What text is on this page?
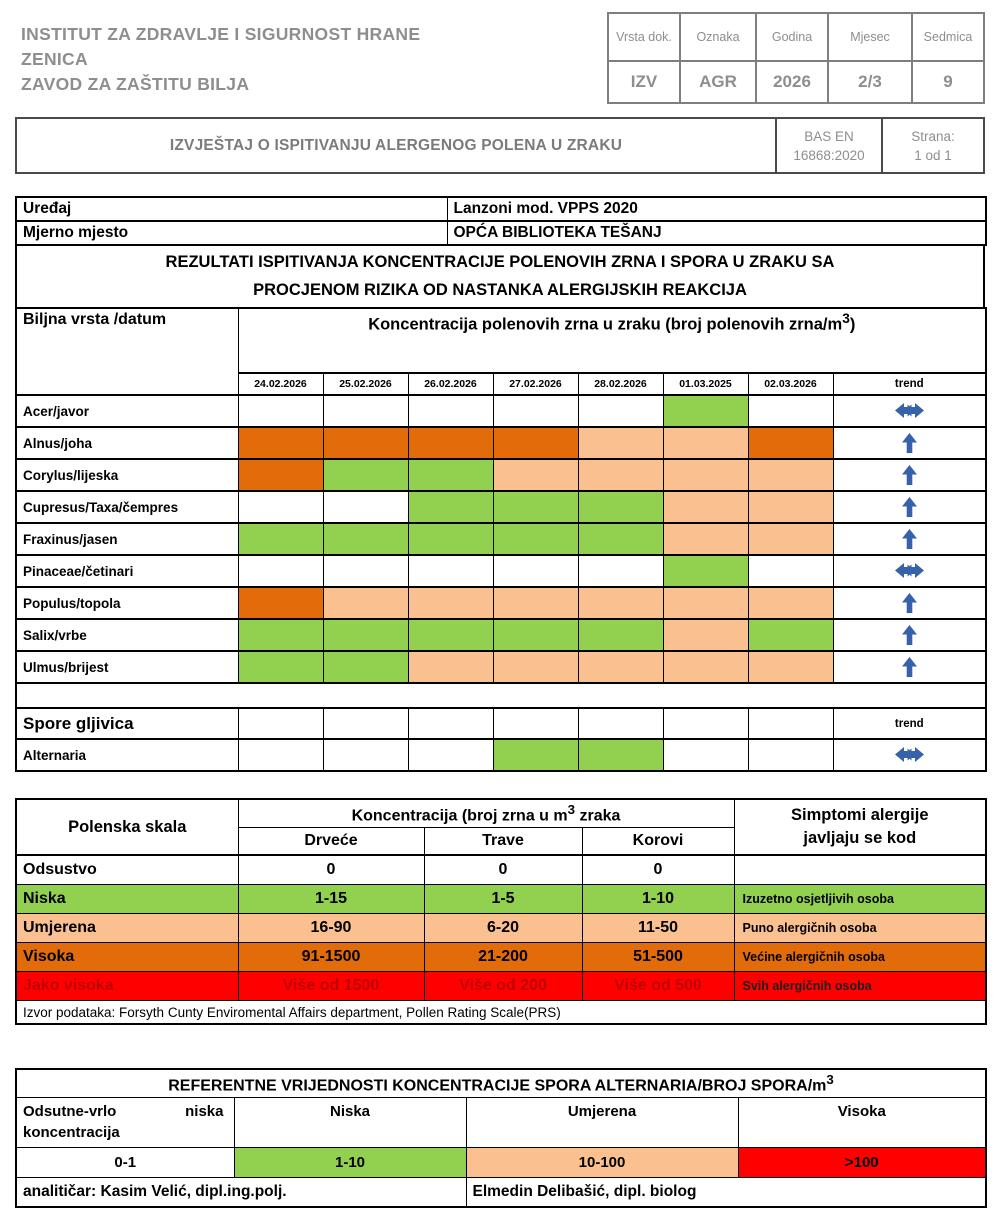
INSTITUT ZA ZDRAVLJE I SIGURNOST HRANE
ZENICA
ZAVOD ZA ZAŠTITU BILJA
Vrsta dok.	Oznaka	Godina	Mjesec	Sedmica
IZV	AGR	2026	2/3	9
IZVJEŠTAJ O ISPITIVANJU ALERGENOG POLENA U ZRAKU
BAS EN
16868:2020
Strana:
1 od 1
Uređaj	Lanzoni mod. VPPS 2020
Mjerno mjesto	OPĆA BIBLIOTEKA TEŠANJ
REZULTATI ISPITIVANJA KONCENTRACIJE POLENOVIH ZRNA I SPORA U ZRAKU SA
PROCJENOM RIZIKA OD NASTANKA ALERGIJSKIH REAKCIJA
Biljna vrsta /datum	Koncentracija polenovih zrna u zraku (broj polenovih zrna/$m^3$)							
	24.02.2026	25.02.2026	26.02.2026	27.02.2026	28.02.2026	01.03.2025	02.03.2026	trend
Acer/javor								
Alnus/joha								
Corylus/lijeska								
Cupresus/Taxa/čempres								
Fraxinus/jasen								
Pinaceae/četinari								
Populus/topola								
Salix/vrbe								
Ulmus/brijest								

Spore gljivica								trend
Alternaria								
Polenska skala	Koncentracija (broj zrna u $m^3$ zraka			Simptomi alergije
javljaju se kod

	Drveće	Trave	Korovi	
Odsustvo	0	0	0	
Niska	1-15	1-5	1-10	Izuzetno osjetljivih osoba
Umjerena	16-90	6-20	11-50	Puno alergičnih osoba
Visoka	91-1500	21-200	51-500	Većine alergičnih osoba
Jako visoka	Više od 1500	Više od 200	Više od 500	Svih alergičnih osoba
Izvor podataka: Forsyth Cunty Enviromental Affairs department, Pollen Rating Scale(PRS)				
REFERENTNE VRIJEDNOSTI KONCENTRACIJE SPORA ALTERNARIA/BROJ SPORA/$m^3$
Odsutne-vrlo niska koncentracija	Niska	Umjerena	Visoka
0-1	1-10	10-100	>100
analitičar: Kasim Velić, dipl.ing.polj.		Elmedin Delibašić, dipl. biolog	
